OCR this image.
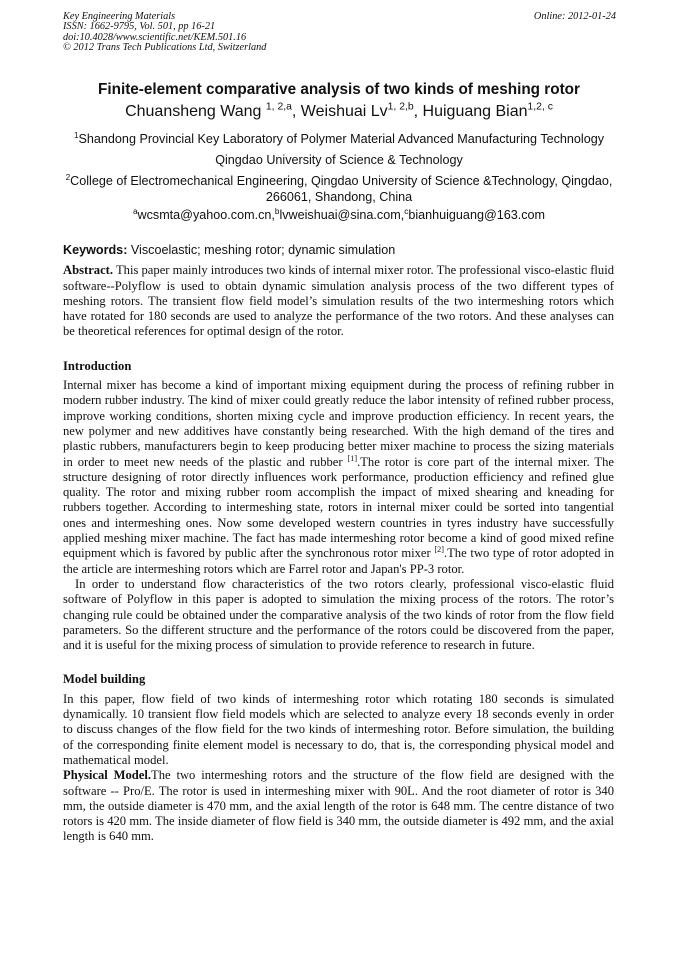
Key Engineering Materials
ISSN: 1662-9795, Vol. 501, pp 16-21
doi:10.4028/www.scientific.net/KEM.501.16
© 2012 Trans Tech Publications Ltd, Switzerland
Online: 2012-01-24
Finite-element comparative analysis of two kinds of meshing rotor
Chuansheng Wang $^{1, 2,a}$, Weishuai Lv$^{1, 2,b}$, Huiguang Bian$^{1,2, c}$
$^1$Shandong Provincial Key Laboratory of Polymer Material Advanced Manufacturing Technology
Qingdao University of Science & Technology
$^2$College of Electromechanical Engineering, Qingdao University of Science &Technology, Qingdao, 266061, Shandong, China
$^a$wcsmta@yahoo.com.cn,$^b$lvweishuai@sina.com,$^c$bianhuiguang@163.com
Keywords: Viscoelastic; meshing rotor; dynamic simulation

Abstract. This paper mainly introduces two kinds of internal mixer rotor. The professional visco-elastic fluid software--Polyflow is used to obtain dynamic simulation analysis process of the two different types of meshing rotors. The transient flow field model’s simulation results of the two intermeshing rotors which have rotated for 180 seconds are used to analyze the performance of the two rotors. And these analyses can be theoretical references for optimal design of the rotor.

Introduction

Internal mixer has become a kind of important mixing equipment during the process of refining rubber in modern rubber industry. The kind of mixer could greatly reduce the labor intensity of refined rubber process, improve working conditions, shorten mixing cycle and improve production efficiency. In recent years, the new polymer and new additives have constantly being researched. With the high demand of the tires and plastic rubbers, manufacturers begin to keep producing better mixer machine to process the sizing materials in order to meet new needs of the plastic and rubber [1].The rotor is core part of the internal mixer. The structure designing of rotor directly influences work performance, production efficiency and refined glue quality. The rotor and mixing rubber room accomplish the impact of mixed shearing and kneading for rubbers together. According to intermeshing state, rotors in internal mixer could be sorted into tangential ones and intermeshing ones. Now some developed western countries in tyres industry have successfully applied meshing mixer machine. The fact has made intermeshing rotor become a kind of good mixed refine equipment which is favored by public after the synchronous rotor mixer [2].The two type of rotor adopted in the article are intermeshing rotors which are Farrel rotor and Japan's PP-3 rotor.

In order to understand flow characteristics of the two rotors clearly, professional visco-elastic fluid software of Polyflow in this paper is adopted to simulation the mixing process of the rotors. The rotor’s changing rule could be obtained under the comparative analysis of the two kinds of rotor from the flow field parameters. So the different structure and the performance of the rotors could be discovered from the paper, and it is useful for the mixing process of simulation to provide reference to research in future.

Model building

In this paper, flow field of two kinds of intermeshing rotor which rotating 180 seconds is simulated dynamically. 10 transient flow field models which are selected to analyze every 18 seconds evenly in order to discuss changes of the flow field for the two kinds of intermeshing rotor. Before simulation, the building of the corresponding finite element model is necessary to do, that is, the corresponding physical model and mathematical model.

Physical Model.The two intermeshing rotors and the structure of the flow field are designed with the software -- Pro/E. The rotor is used in intermeshing mixer with 90L. And the root diameter of rotor is 340 mm, the outside diameter is 470 mm, and the axial length of the rotor is 648 mm. The centre distance of two rotors is 420 mm. The inside diameter of flow field is 340 mm, the outside diameter is 492 mm, and the axial length is 640 mm.
